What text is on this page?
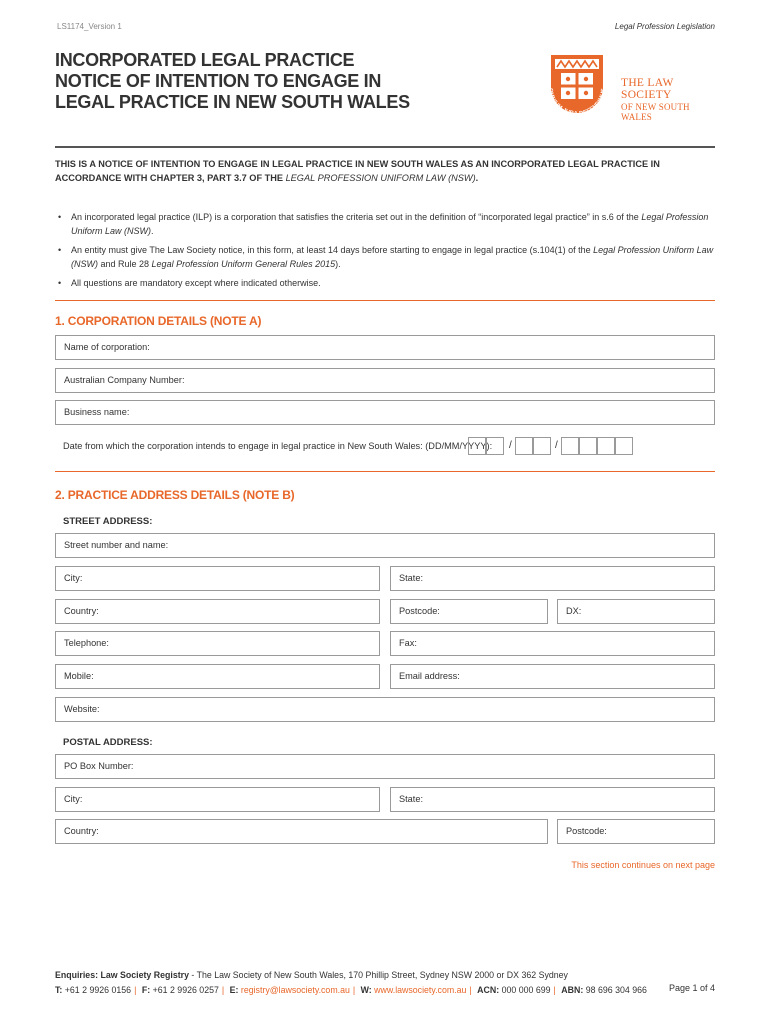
LS1174_Version 1	Legal Profession Legislation
INCORPORATED LEGAL PRACTICE
NOTICE OF INTENTION TO ENGAGE IN
LEGAL PRACTICE IN NEW SOUTH WALES
OMNIUM JURA DEFENDIMUS
THE LAW SOCIETY
OF NEW SOUTH WALES
THIS IS A NOTICE OF INTENTION TO ENGAGE IN LEGAL PRACTICE IN NEW SOUTH WALES AS AN INCORPORATED LEGAL PRACTICE IN ACCORDANCE WITH CHAPTER 3, PART 3.7 OF THE LEGAL PROFESSION UNIFORM LAW (NSW).
• An incorporated legal practice (ILP) is a corporation that satisfies the criteria set out in the definition of “incorporated legal practice” in s.6 of the Legal Profession Uniform Law (NSW).
• An entity must give The Law Society notice, in this form, at least 14 days before starting to engage in legal practice (s.104(1) of the Legal Profession Uniform Law (NSW) and Rule 28 Legal Profession Uniform General Rules 2015).
• All questions are mandatory except where indicated otherwise.
1. CORPORATION DETAILS (NOTE A)
Name of corporation:
Australian Company Number:
Business name:
Date from which the corporation intends to engage in legal practice in New South Wales: (DD/MM/YYYY): /	/
2. PRACTICE ADDRESS DETAILS (NOTE B)
STREET ADDRESS:
Street number and name:
City:	State:
Country:	Postcode:	DX:
Telephone:	Fax:
Mobile:	Email address:
Website:
POSTAL ADDRESS:
PO Box Number:
City:	State:
Country:	Postcode:
This section continues on next page
Enquiries: Law Society Registry - The Law Society of New South Wales, 170 Phillip Street, Sydney NSW 2000 or DX 362 Sydney
T: +61 2 9926 0156 | F: +61 2 9926 0257 | E: registry@lawsociety.com.au | W: www.lawsociety.com.au | ACN: 000 000 699 | ABN: 98 696 304 966	Page 1 of 4
